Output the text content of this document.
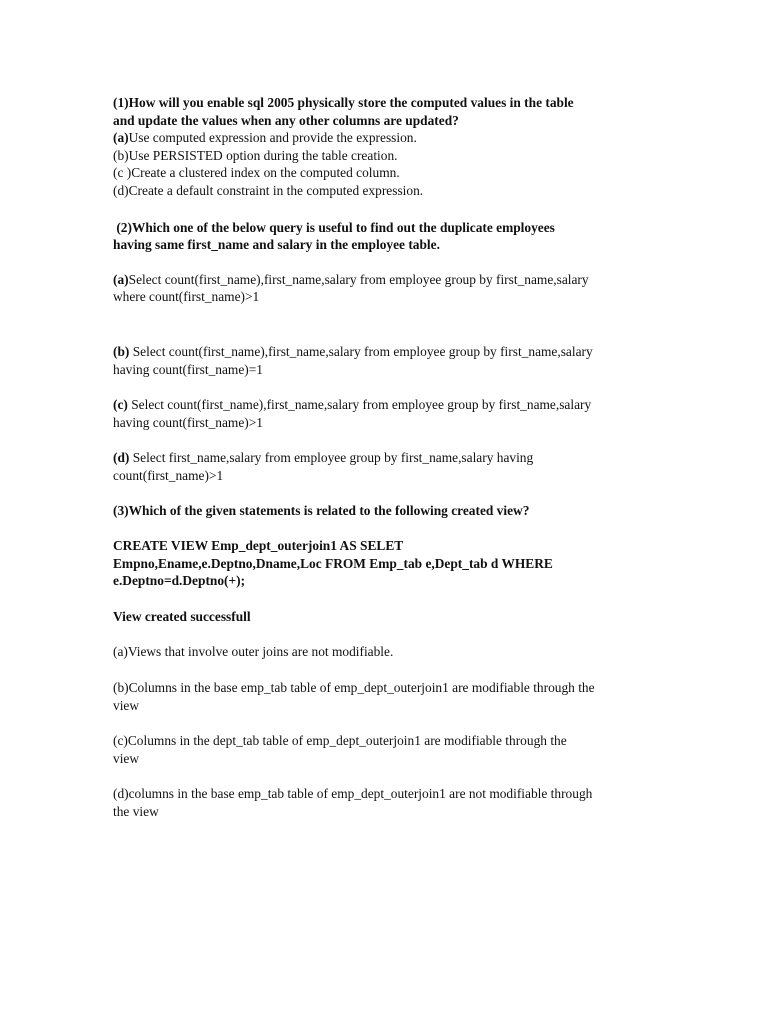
(1)How will you enable sql 2005 physically store the computed values in the table
and update the values when any other columns are updated?
(a)Use computed expression and provide the expression.
(b)Use PERSISTED option during the table creation.
(c )Create a clustered index on the computed column.
(d)Create a default constraint in the computed expression.
(2)Which one of the below query is useful to find out the duplicate employees
having same first_name and salary in the employee table.
(a)Select count(first_name),first_name,salary from employee group by first_name,salary
where count(first_name)>1
(b) Select count(first_name),first_name,salary from employee group by first_name,salary
having count(first_name)=1
(c) Select count(first_name),first_name,salary from employee group by first_name,salary
having count(first_name)>1
(d) Select first_name,salary from employee group by first_name,salary having
count(first_name)>1
(3)Which of the given statements is related to the following created view?
CREATE VIEW Emp_dept_outerjoin1 AS SELET
Empno,Ename,e.Deptno,Dname,Loc FROM Emp_tab e,Dept_tab d WHERE
e.Deptno=d.Deptno(+);
View created successfull
(a)Views that involve outer joins are not modifiable.
(b)Columns in the base emp_tab table of emp_dept_outerjoin1 are modifiable through the
view
(c)Columns in the dept_tab table of emp_dept_outerjoin1 are modifiable through the
view
(d)columns in the base emp_tab table of emp_dept_outerjoin1 are not modifiable through
the view
